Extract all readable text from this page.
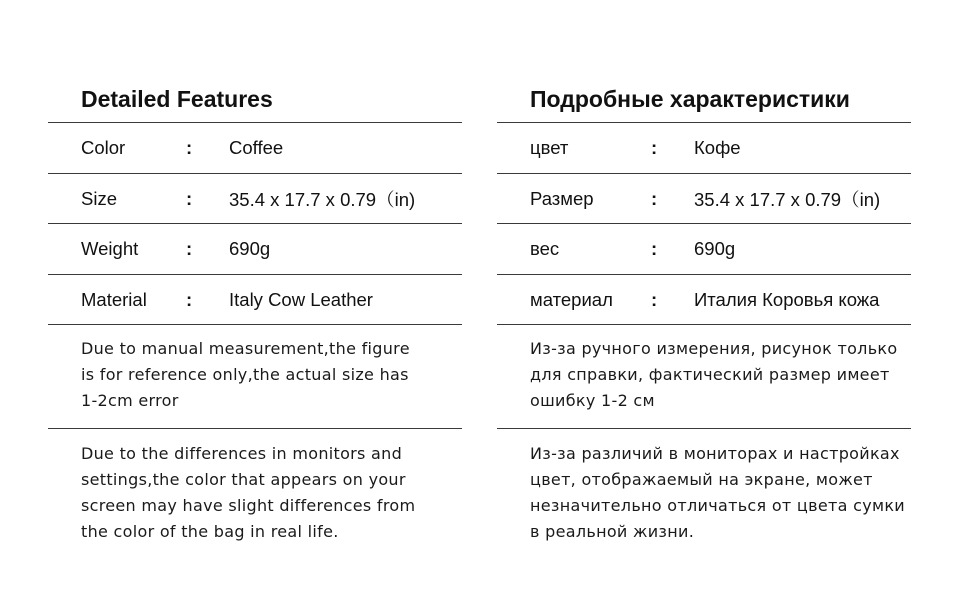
Detailed Features
Color	: Coffee
Size	: 35.4 x 17.7 x 0.79（in)
Weight	: 690g
Material : Italy Cow Leather
Due to manual measurement,the figure
is for reference only,the actual size has
1-2cm error
Due to the differences in monitors and
settings,the color that appears on your
screen may have slight differences from
the color of the bag in real life.
Подробные характеристики
цвет	: Кофе
Размер	: 35.4 x 17.7 x 0.79（in)
вес	: 690g
материал : Италия Коровья кожа
Из-за ручного измерения, рисунок только
для справки, фактический размер имеет
ошибку 1-2 см
Из-за различий в мониторах и настройках
цвет, отображаемый на экране, может
незначительно отличаться от цвета сумки
в реальной жизни.
